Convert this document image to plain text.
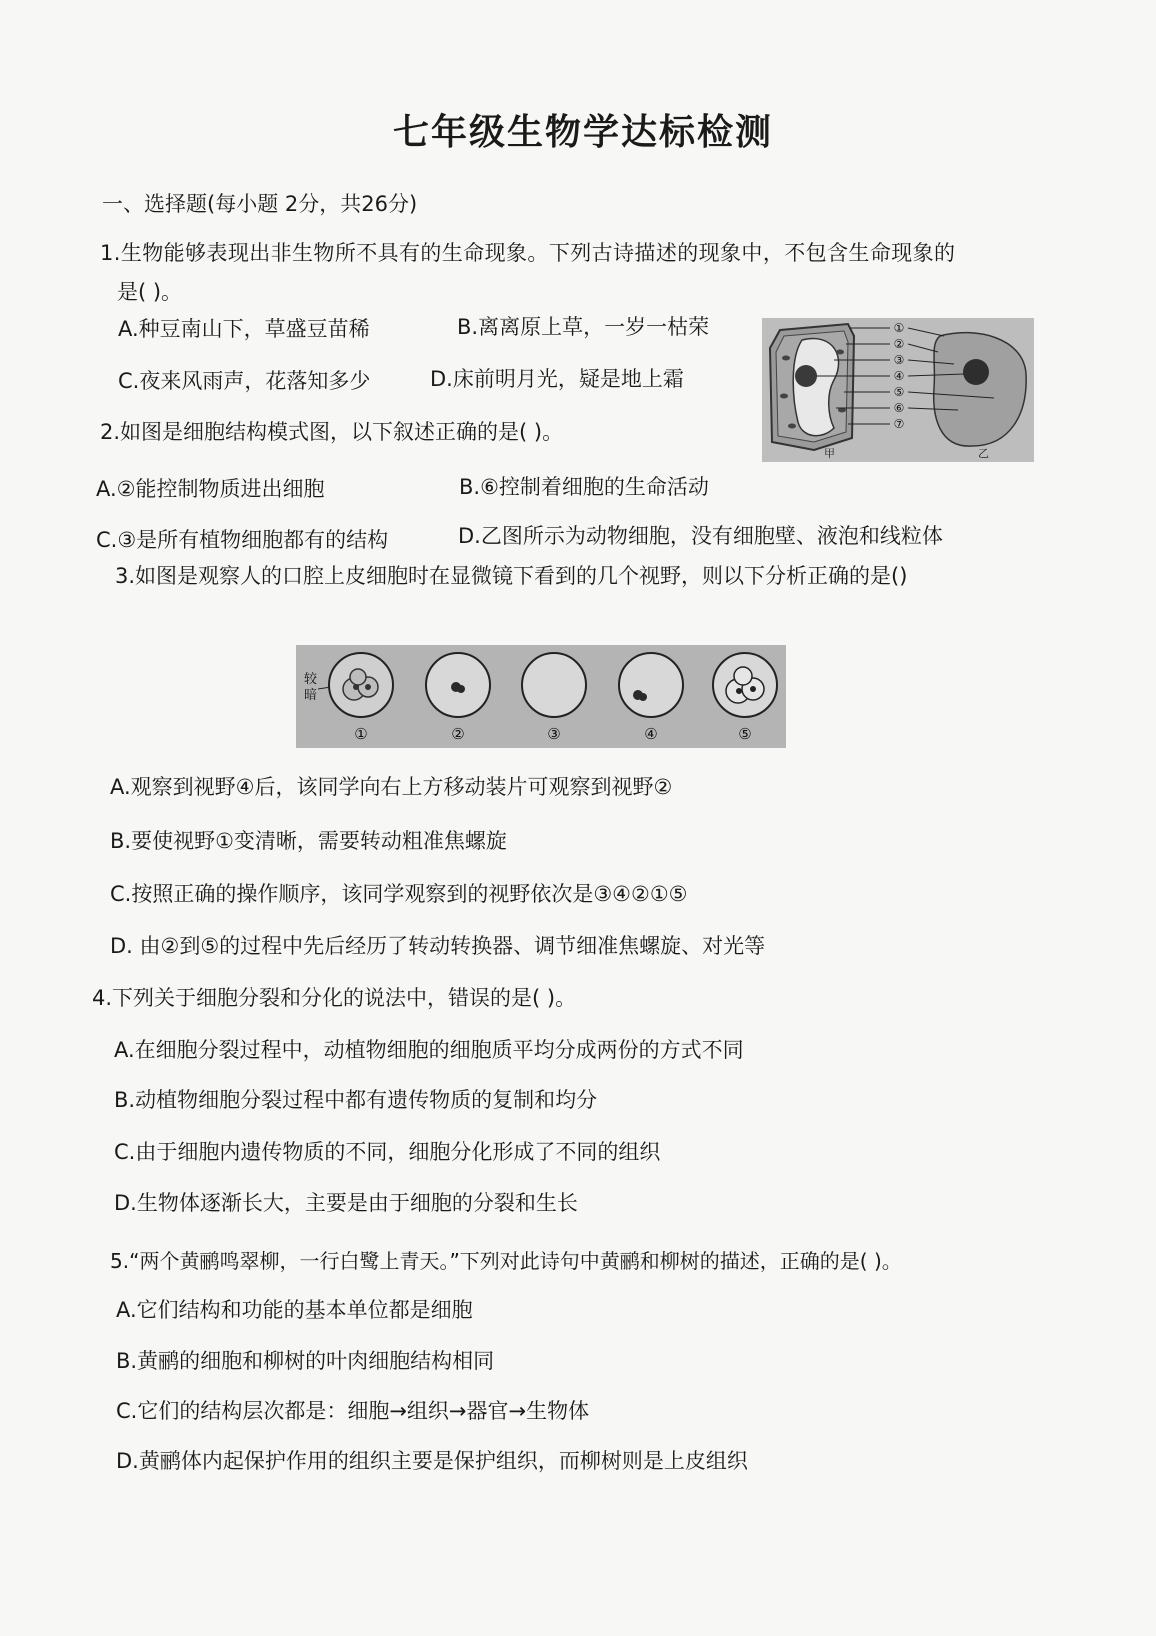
七年级生物学达标检测
一、选择题(每小题 2分，共26分)
1.生物能够表现出非生物所不具有的生命现象。下列古诗描述的现象中，不包含生命现象的
是( )。
A.种豆南山下，草盛豆苗稀	B.离离原上草，一岁一枯荣
C.夜来风雨声，花落知多少	D.床前明月光，疑是地上霜
①
②
③
④
⑤
⑥
⑦
甲	乙
2.如图是细胞结构模式图，以下叙述正确的是( )。
A.②能控制物质进出细胞	B.⑥控制着细胞的生命活动
C.③是所有植物细胞都有的结构	D.乙图所示为动物细胞，没有细胞壁、液泡和线粒体
3.如图是观察人的口腔上皮细胞时在显微镜下看到的几个视野，则以下分析正确的是()
较
暗
①	②	③	④	⑤
A.观察到视野④后，该同学向右上方移动装片可观察到视野②
B.要使视野①变清晰，需要转动粗准焦螺旋
C.按照正确的操作顺序，该同学观察到的视野依次是③④②①⑤
D. 由②到⑤的过程中先后经历了转动转换器、调节细准焦螺旋、对光等
4.下列关于细胞分裂和分化的说法中，错误的是( )。
A.在细胞分裂过程中，动植物细胞的细胞质平均分成两份的方式不同
B.动植物细胞分裂过程中都有遗传物质的复制和均分
C.由于细胞内遗传物质的不同，细胞分化形成了不同的组织
D.生物体逐渐长大，主要是由于细胞的分裂和生长
5.“两个黄鹂鸣翠柳，一行白鹭上青天。”下列对此诗句中黄鹂和柳树的描述，正确的是( )。
A.它们结构和功能的基本单位都是细胞
B.黄鹂的细胞和柳树的叶肉细胞结构相同
C.它们的结构层次都是：细胞→组织→器官→生物体
D.黄鹂体内起保护作用的组织主要是保护组织，而柳树则是上皮组织
